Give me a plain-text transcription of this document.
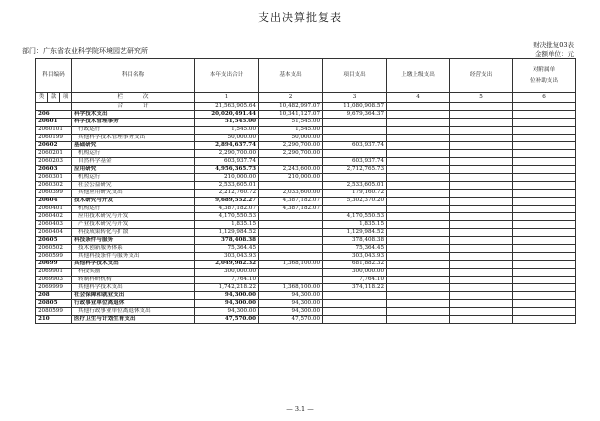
支出决算批复表
部门：广东省农业科学院环境园艺研究所
财决批复03表
金额单位：元
科目编码			科目名称	本年支出合计	基本支出	项目支出	上缴上级支出	经营支出	对附属单
位补助支出

类	款	项	栏 次	1	2	3	4	5	6
			合 计	21,563,905.64	10,482,997.07	11,080,908.57			
206			科学技术支出	20,020,491.44	10,341,127.07	9,679,364.37			
20601			科学技术管理事务	51,545.00	51,545.00				
2060101			行政运行	1,545.00	1,545.00				
2060199			其他科学技术管理事务支出	50,000.00	50,000.00				
20602			基础研究	2,894,637.74	2,290,700.00	603,937.74			
2060201			机构运行	2,290,700.00	2,290,700.00				
2060203			自然科学基金	603,937.74		603,937.74			
20603			应用研究	4,956,365.73	2,243,600.00	2,712,765.73			
2060301			机构运行	210,000.00	210,000.00				
2060302			社会公益研究	2,533,605.01		2,533,605.01			
2060399			其他应用研究支出	2,212,760.72	2,033,600.00	179,160.72			
20604			技术研究与开发	9,689,552.27	4,387,182.07	5,302,370.20			
2060401			机构运行	4,387,182.07	4,387,182.07				
2060402			应用技术研究与开发	4,170,550.53		4,170,550.53			
2060403			产业技术研究与开发	1,835.15		1,835.15			
2060404			科技成果转化与扩散	1,129,984.52		1,129,984.52			
20605			科技条件与服务	378,408.38		378,408.38			
2060502			技术创新服务体系	75,364.45		75,364.45			
2060599			其他科技条件与服务支出	303,043.93		303,043.93			
20699			其他科学技术支出	2,049,982.32	1,368,100.00	681,882.32			
2069901			科技奖励	300,000.00		300,000.00			
2069903			转制科研机构	7,764.10		7,764.10			
2069999			其他科学技术支出	1,742,218.22	1,368,100.00	374,118.22			
208			社会保障和就业支出	94,300.00	94,300.00				
20805			行政事业单位离退休	94,300.00	94,300.00				
2080599			其他行政事业单位离退休支出	94,300.00	94,300.00				
210			医疗卫生与计划生育支出	47,570.00	47,570.00				
— 3.1 —
